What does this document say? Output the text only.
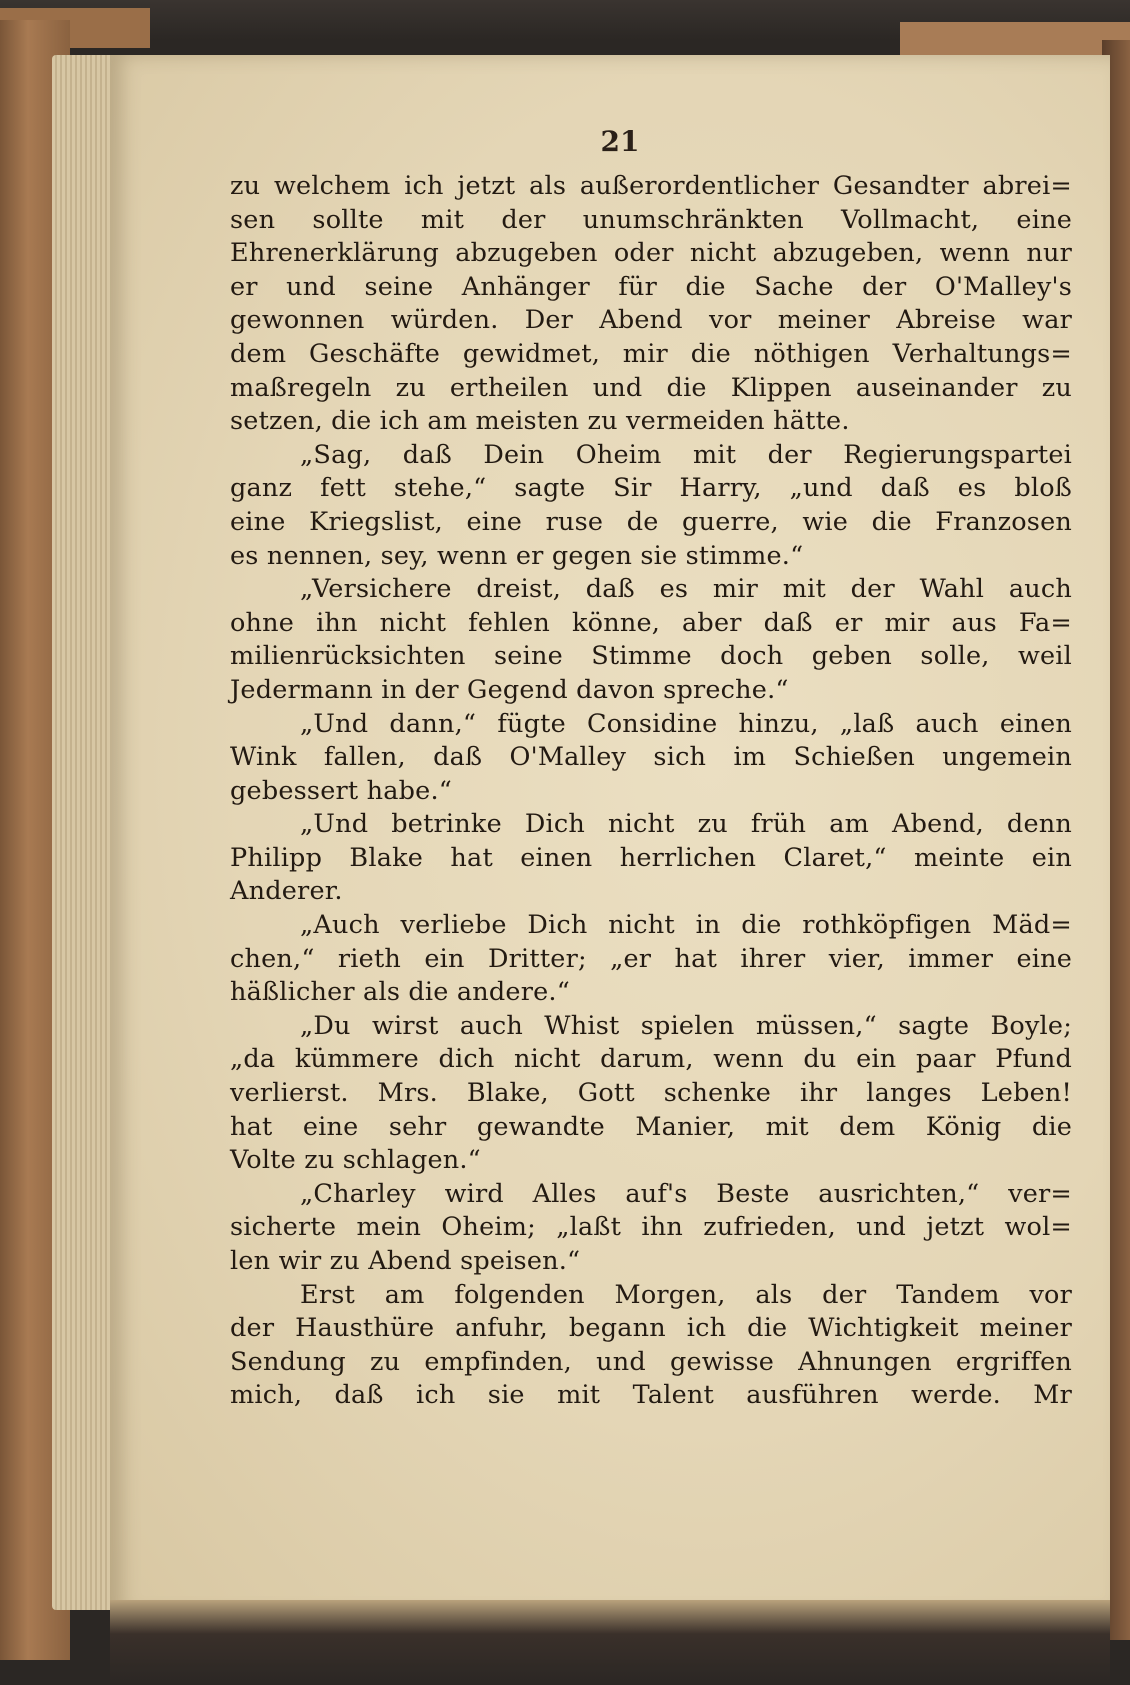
21
zu welchem ich jetzt als außerordentlicher Gesandter abrei=
sen sollte mit der unumschränkten Vollmacht, eine
Ehrenerklärung abzugeben oder nicht abzugeben, wenn nur
er und seine Anhänger für die Sache der O'Malley's
gewonnen würden. Der Abend vor meiner Abreise war
dem Geschäfte gewidmet, mir die nöthigen Verhaltungs=
maßregeln zu ertheilen und die Klippen auseinander zu
setzen, die ich am meisten zu vermeiden hätte.
„Sag, daß Dein Oheim mit der Regierungspartei
ganz fett stehe,“ sagte Sir Harry, „und daß es bloß
eine Kriegslist, eine ruse de guerre, wie die Franzosen
es nennen, sey, wenn er gegen sie stimme.“
„Versichere dreist, daß es mir mit der Wahl auch
ohne ihn nicht fehlen könne, aber daß er mir aus Fa=
milienrücksichten seine Stimme doch geben solle, weil
Jedermann in der Gegend davon spreche.“
„Und dann,“ fügte Considine hinzu, „laß auch einen
Wink fallen, daß O'Malley sich im Schießen ungemein
gebessert habe.“
„Und betrinke Dich nicht zu früh am Abend, denn
Philipp Blake hat einen herrlichen Claret,“ meinte ein
Anderer.
„Auch verliebe Dich nicht in die rothköpfigen Mäd=
chen,“ rieth ein Dritter; „er hat ihrer vier, immer eine
häßlicher als die andere.“
„Du wirst auch Whist spielen müssen,“ sagte Boyle;
„da kümmere dich nicht darum, wenn du ein paar Pfund
verlierst. Mrs. Blake, Gott schenke ihr langes Leben!
hat eine sehr gewandte Manier, mit dem König die
Volte zu schlagen.“
„Charley wird Alles auf's Beste ausrichten,“ ver=
sicherte mein Oheim; „laßt ihn zufrieden, und jetzt wol=
len wir zu Abend speisen.“
Erst am folgenden Morgen, als der Tandem vor
der Hausthüre anfuhr, begann ich die Wichtigkeit meiner
Sendung zu empfinden, und gewisse Ahnungen ergriffen
mich, daß ich sie mit Talent ausführen werde. Mr
